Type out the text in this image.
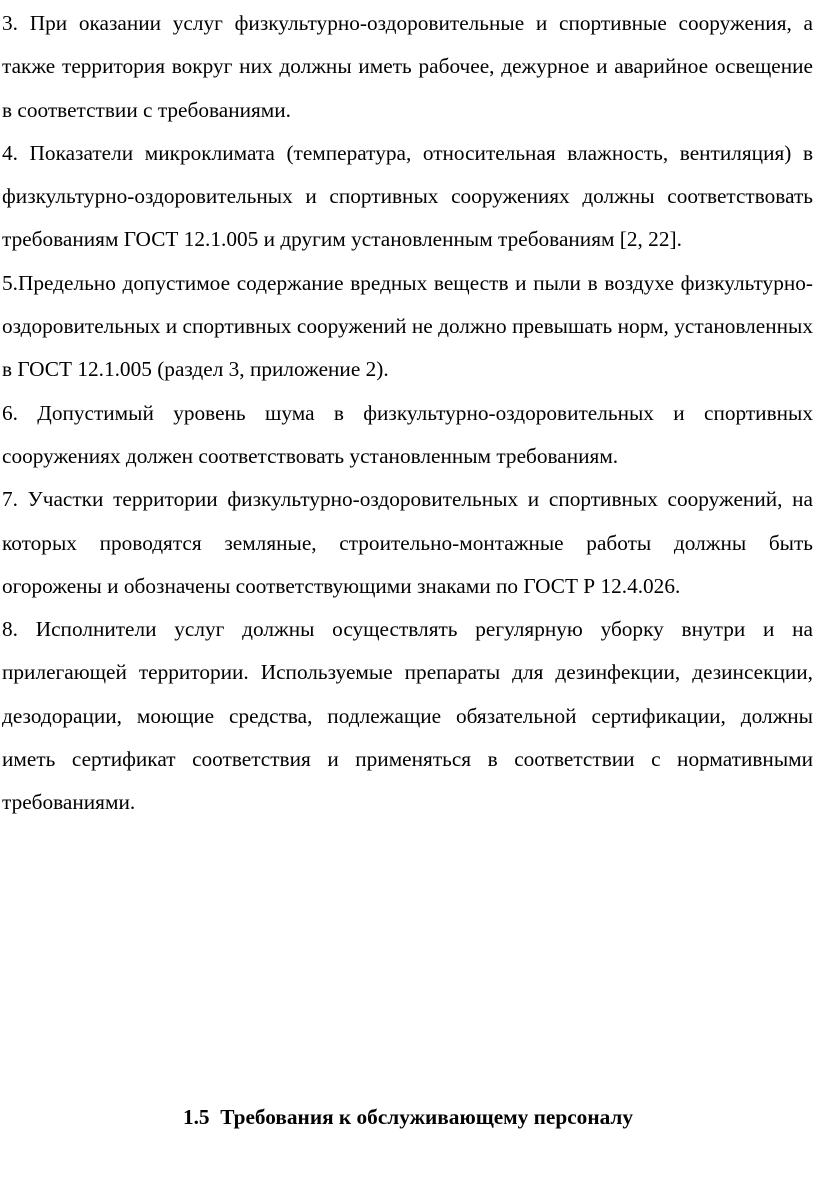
3. При оказании услуг физкультурно-оздоровительные и спортивные сооружения, а также территория вокруг них должны иметь рабочее, дежурное и аварийное освещение в соответствии с требованиями.

4. Показатели микроклимата (температура, относительная влажность, вентиляция) в физкультурно-оздоровительных и спортивных сооружениях должны соответствовать требованиям ГОСТ 12.1.005 и другим установленным требованиям [2, 22].

5.Предельно допустимое содержание вредных веществ и пыли в воздухе физкультурно-оздоровительных и спортивных сооружений не должно превышать норм, установленных в ГОСТ 12.1.005 (раздел 3, приложение 2).

6. Допустимый уровень шума в физкультурно-оздоровительных и спортивных сооружениях должен соответствовать установленным требованиям.

7. Участки территории физкультурно-оздоровительных и спортивных сооружений, на которых проводятся земляные, строительно-монтажные работы должны быть огорожены и обозначены соответствующими знаками по ГОСТ Р 12.4.026.

8. Исполнители услуг должны осуществлять регулярную уборку внутри и на прилегающей территории. Используемые препараты для дезинфекции, дезинсекции, дезодорации, моющие средства, подлежащие обязательной сертификации, должны иметь сертификат соответствия и применяться в соответствии с нормативными требованиями.

1.5  Требования к обслуживающему персоналу
